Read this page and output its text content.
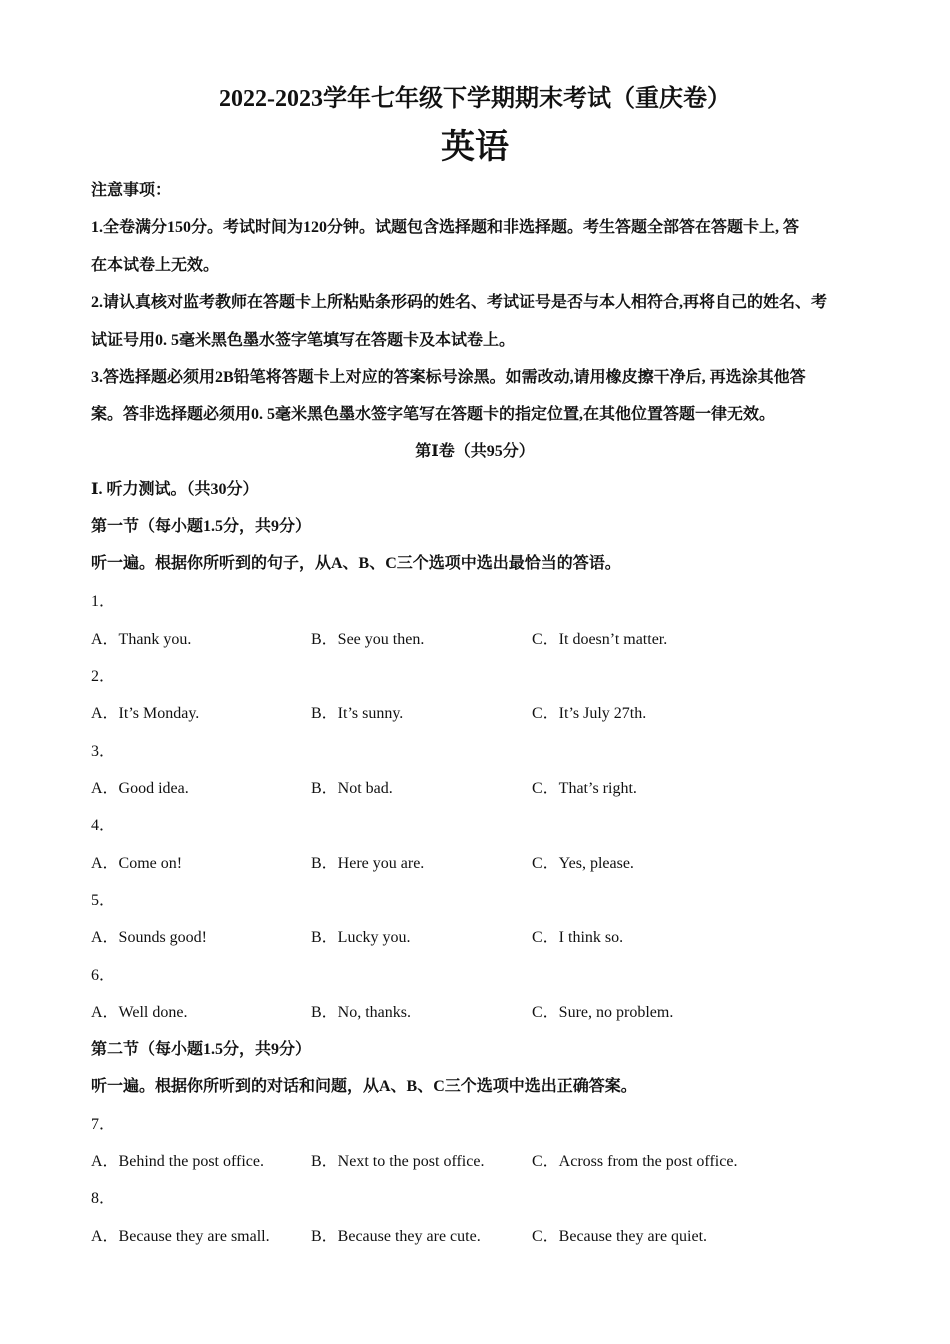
2022-2023学年七年级下学期期末考试（重庆卷）
英语
注意事项：
1.全卷满分150分。考试时间为120分钟。试题包含选择题和非选择题。考生答题全部答在答题卡上, 答
在本试卷上无效。
2.请认真核对监考教师在答题卡上所粘贴条形码的姓名、考试证号是否与本人相符合,再将自己的姓名、考
试证号用0. 5毫米黑色墨水签字笔填写在答题卡及本试卷上。
3.答选择题必须用2B铅笔将答题卡上对应的答案标号涂黑。如需改动,请用橡皮擦干净后, 再选涂其他答
案。答非选择题必须用0. 5毫米黑色墨水签字笔写在答题卡的指定位置,在其他位置答题一律无效。
第Ⅰ卷（共95分）
Ⅰ. 听力测试。（共30分）
第一节（每小题1.5分，共9分）
听一遍。根据你所听到的句子，从A、B、C三个选项中选出最恰当的答语。
1．
A．Thank you.	B．See you then.	C．It doesn’t matter.
2．
A．It’s Monday.	B．It’s sunny.	C．It’s July 27th.
3．
A．Good idea.	B．Not bad.	C．That’s right.
4．
A．Come on!	B．Here you are.	C．Yes, please.
5．
A．Sounds good!	B．Lucky you.	C．I think so.
6．
A．Well done.	B．No, thanks.	C．Sure, no problem.
第二节（每小题1.5分，共9分）
听一遍。根据你所听到的对话和问题，从A、B、C三个选项中选出正确答案。
7．
A．Behind the post office.	B．Next to the post office.	C．Across from the post office.
8．
A．Because they are small.	B．Because they are cute.	C．Because they are quiet.
